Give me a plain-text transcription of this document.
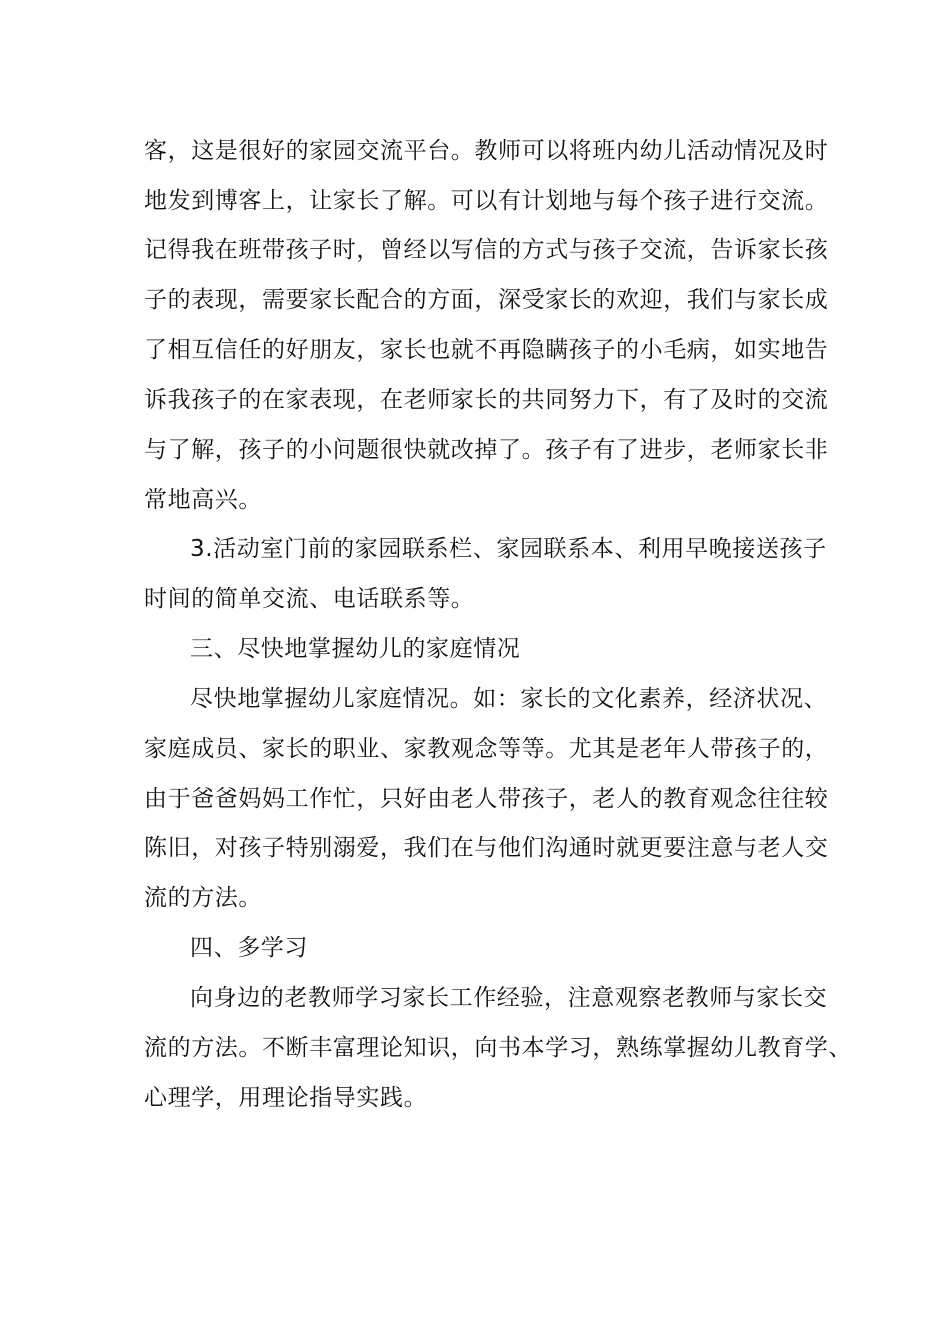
客，这是很好的家园交流平台。教师可以将班内幼儿活动情况及时

地发到博客上，让家长了解。可以有计划地与每个孩子进行交流。

记得我在班带孩子时，曾经以写信的方式与孩子交流，告诉家长孩

子的表现，需要家长配合的方面，深受家长的欢迎，我们与家长成

了相互信任的好朋友，家长也就不再隐瞒孩子的小毛病，如实地告

诉我孩子的在家表现，在老师家长的共同努力下，有了及时的交流

与了解，孩子的小问题很快就改掉了。孩子有了进步，老师家长非

常地高兴。

3.活动室门前的家园联系栏、家园联系本、利用早晚接送孩子

时间的简单交流、电话联系等。

三、尽快地掌握幼儿的家庭情况

尽快地掌握幼儿家庭情况。如：家长的文化素养，经济状况、

家庭成员、家长的职业、家教观念等等。尤其是老年人带孩子的，

由于爸爸妈妈工作忙，只好由老人带孩子，老人的教育观念往往较

陈旧，对孩子特别溺爱，我们在与他们沟通时就更要注意与老人交

流的方法。

四、多学习

向身边的老教师学习家长工作经验，注意观察老教师与家长交

流的方法。不断丰富理论知识，向书本学习，熟练掌握幼儿教育学、

心理学，用理论指导实践。
